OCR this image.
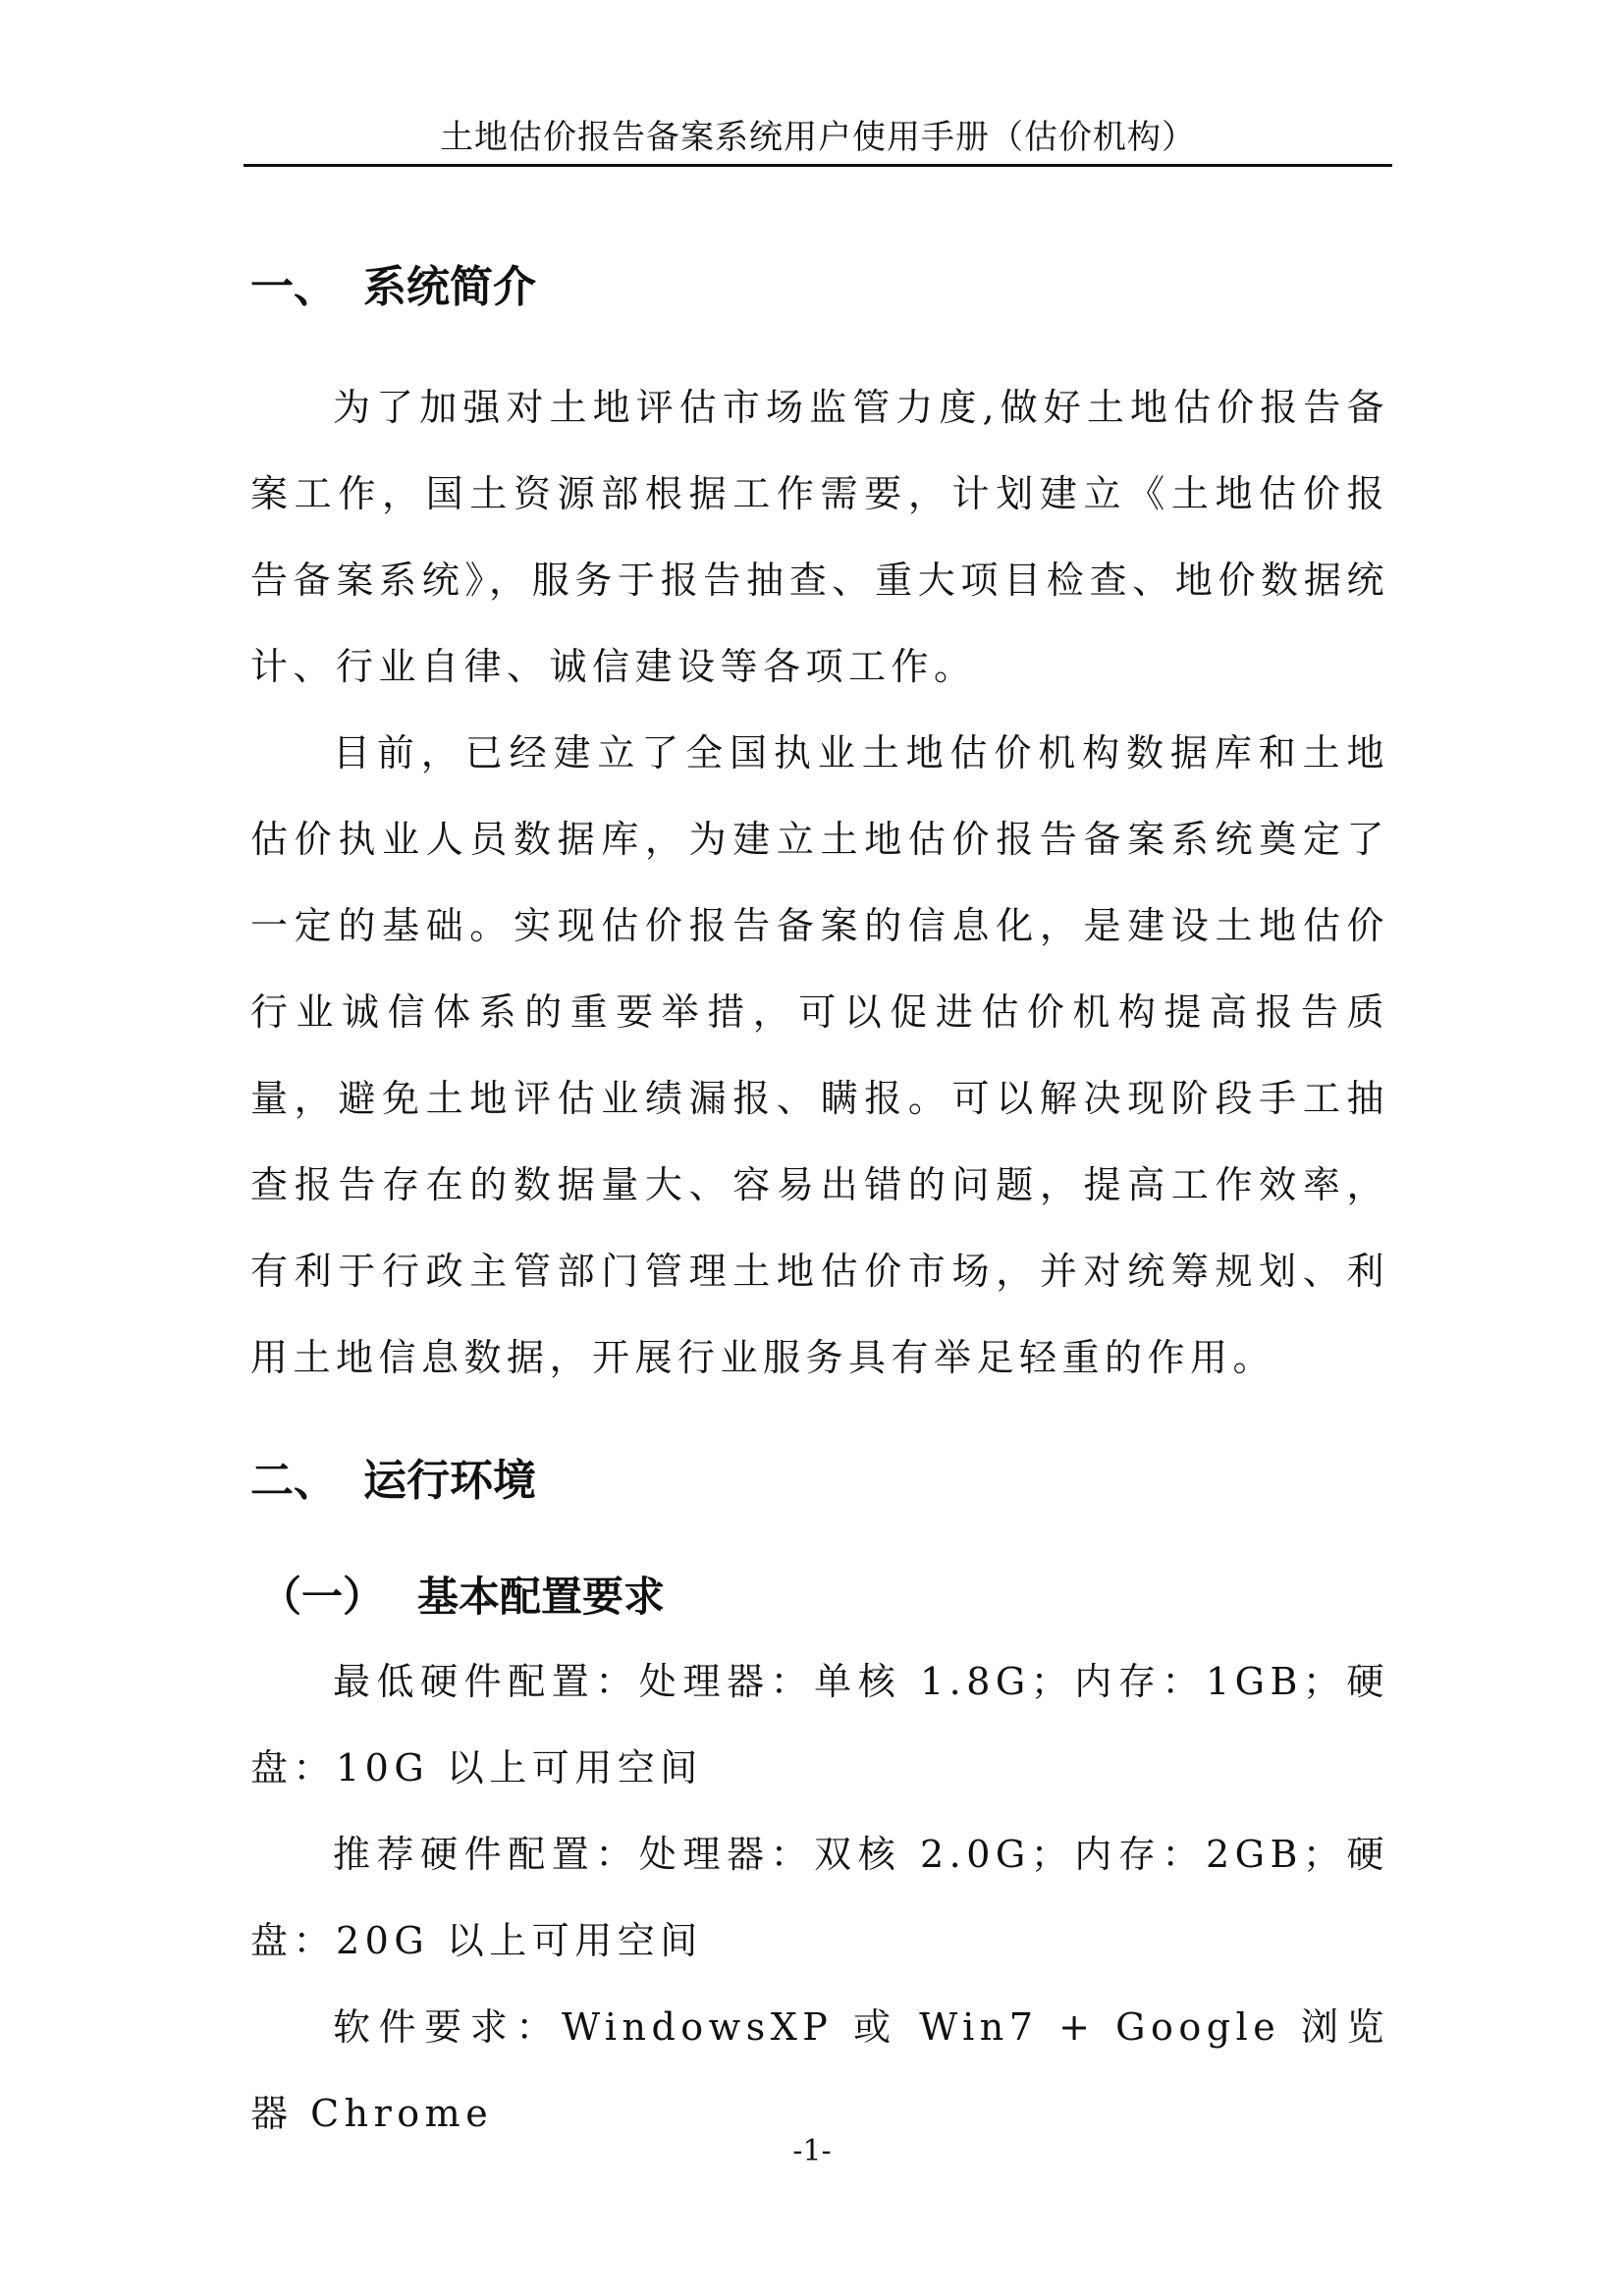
土地估价报告备案系统用户使用手册（估价机构）
一、 系统简介

为了加强对土地评估市场监管力度,做好土地估价报告备案工作，国土资源部根据工作需要，计划建立《土地估价报告备案系统》，服务于报告抽查、重大项目检查、地价数据统计、行业自律、诚信建设等各项工作。

目前，已经建立了全国执业土地估价机构数据库和土地估价执业人员数据库，为建立土地估价报告备案系统奠定了一定的基础。实现估价报告备案的信息化，是建设土地估价行业诚信体系的重要举措，可以促进估价机构提高报告质量，避免土地评估业绩漏报、瞒报。可以解决现阶段手工抽查报告存在的数据量大、容易出错的问题，提高工作效率，有利于行政主管部门管理土地估价市场，并对统筹规划、利用土地信息数据，开展行业服务具有举足轻重的作用。

二、 运行环境
（一） 基本配置要求

最低硬件配置：处理器：单核 1.8G；内存：1GB；硬盘：10G 以上可用空间

推荐硬件配置：处理器：双核 2.0G；内存：2GB；硬盘：20G 以上可用空间

软件要求：WindowsXP 或 Win7 + Google 浏览器 Chrome

-1-
